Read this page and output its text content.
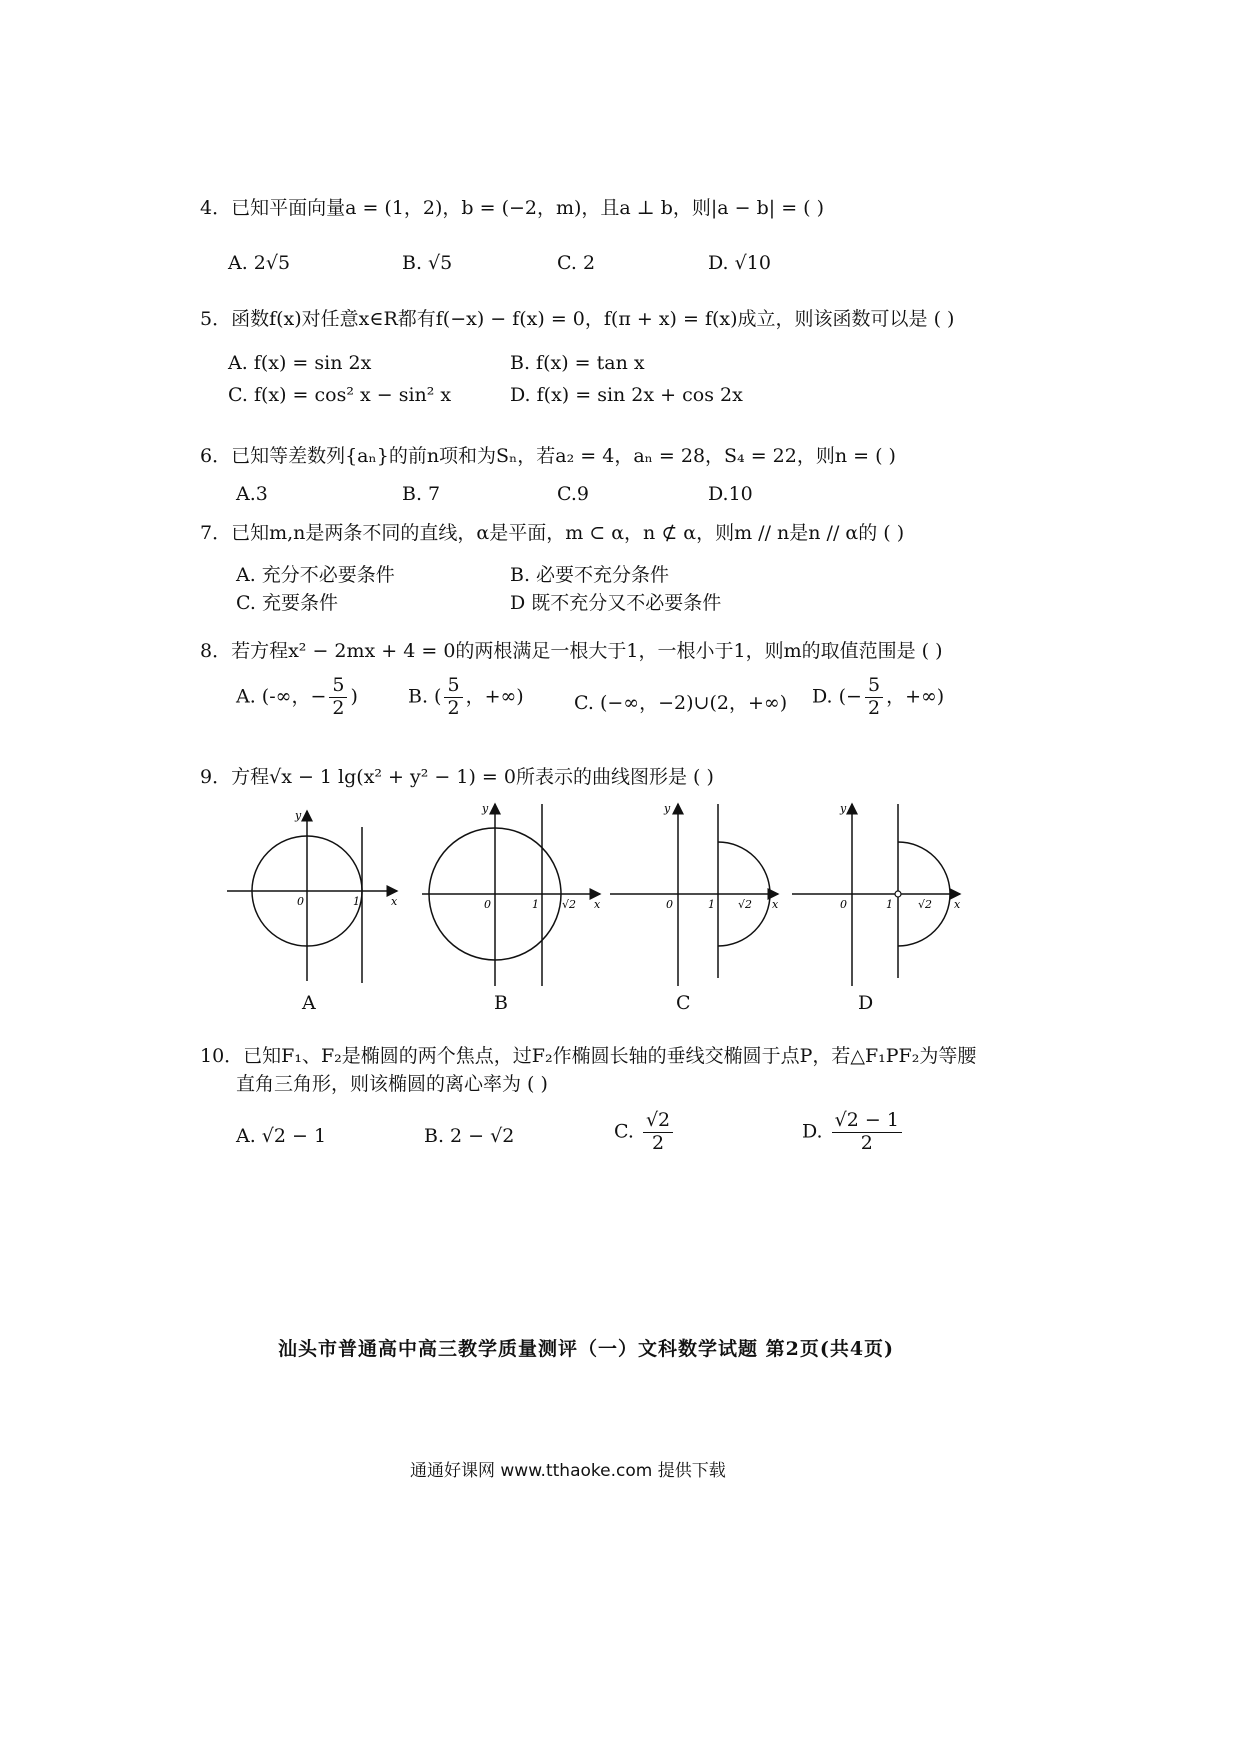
4．已知平面向量a = (1，2)，b = (−2，m)，且a ⊥ b，则|a − b| = ( )
A. 2√5	B. √5	C. 2	D. √10
5．函数f(x)对任意x∈R都有f(−x) − f(x) = 0，f(π + x) = f(x)成立，则该函数可以是 ( )
A. f(x) = sin 2x	B. f(x) = tan x
C. f(x) = cos² x − sin² x	D. f(x) = sin 2x + cos 2x
6．已知等差数列{aₙ}的前n项和为Sₙ，若a₂ = 4，aₙ = 28，S₄ = 22，则n = ( )
A.3	B. 7	C.9	D.10
7．已知m,n是两条不同的直线，α是平面，m ⊂ α，n ⊄ α，则m // n是n // α的 ( )
A. 充分不必要条件	B. 必要不充分条件
C. 充要条件	D 既不充分又不必要条件
8．若方程x² − 2mx + 4 = 0的两根满足一根大于1，一根小于1，则m的取值范围是 ( )
A. (-∞，− $\frac{5}{2}$ )	B. ( $\frac{5}{2}$ ，+∞)	C. (−∞，−2)∪(2，+∞) D. (− $\frac{5}{2}$ ，+∞)
9．方程√x − 1 lg(x² + y² − 1) = 0所表示的曲线图形是 ( )
x
y
0	1	x
y
0	1 √2	x
y
0	1 √2	x
y
0	1 √2
A	B	C	D
10．已知F₁、F₂是椭圆的两个焦点，过F₂作椭圆长轴的垂线交椭圆于点P，若△F₁PF₂为等腰
直角三角形，则该椭圆的离心率为 ( )
A. √2 − 1	B. 2 − √2	C. $\frac{√2}{2}$	D. $\frac{√2 - 1}{2}$
汕头市普通高中高三教学质量测评（一）文科数学试题 第2页(共4页)
通通好课网 www.tthaoke.com 提供下载
